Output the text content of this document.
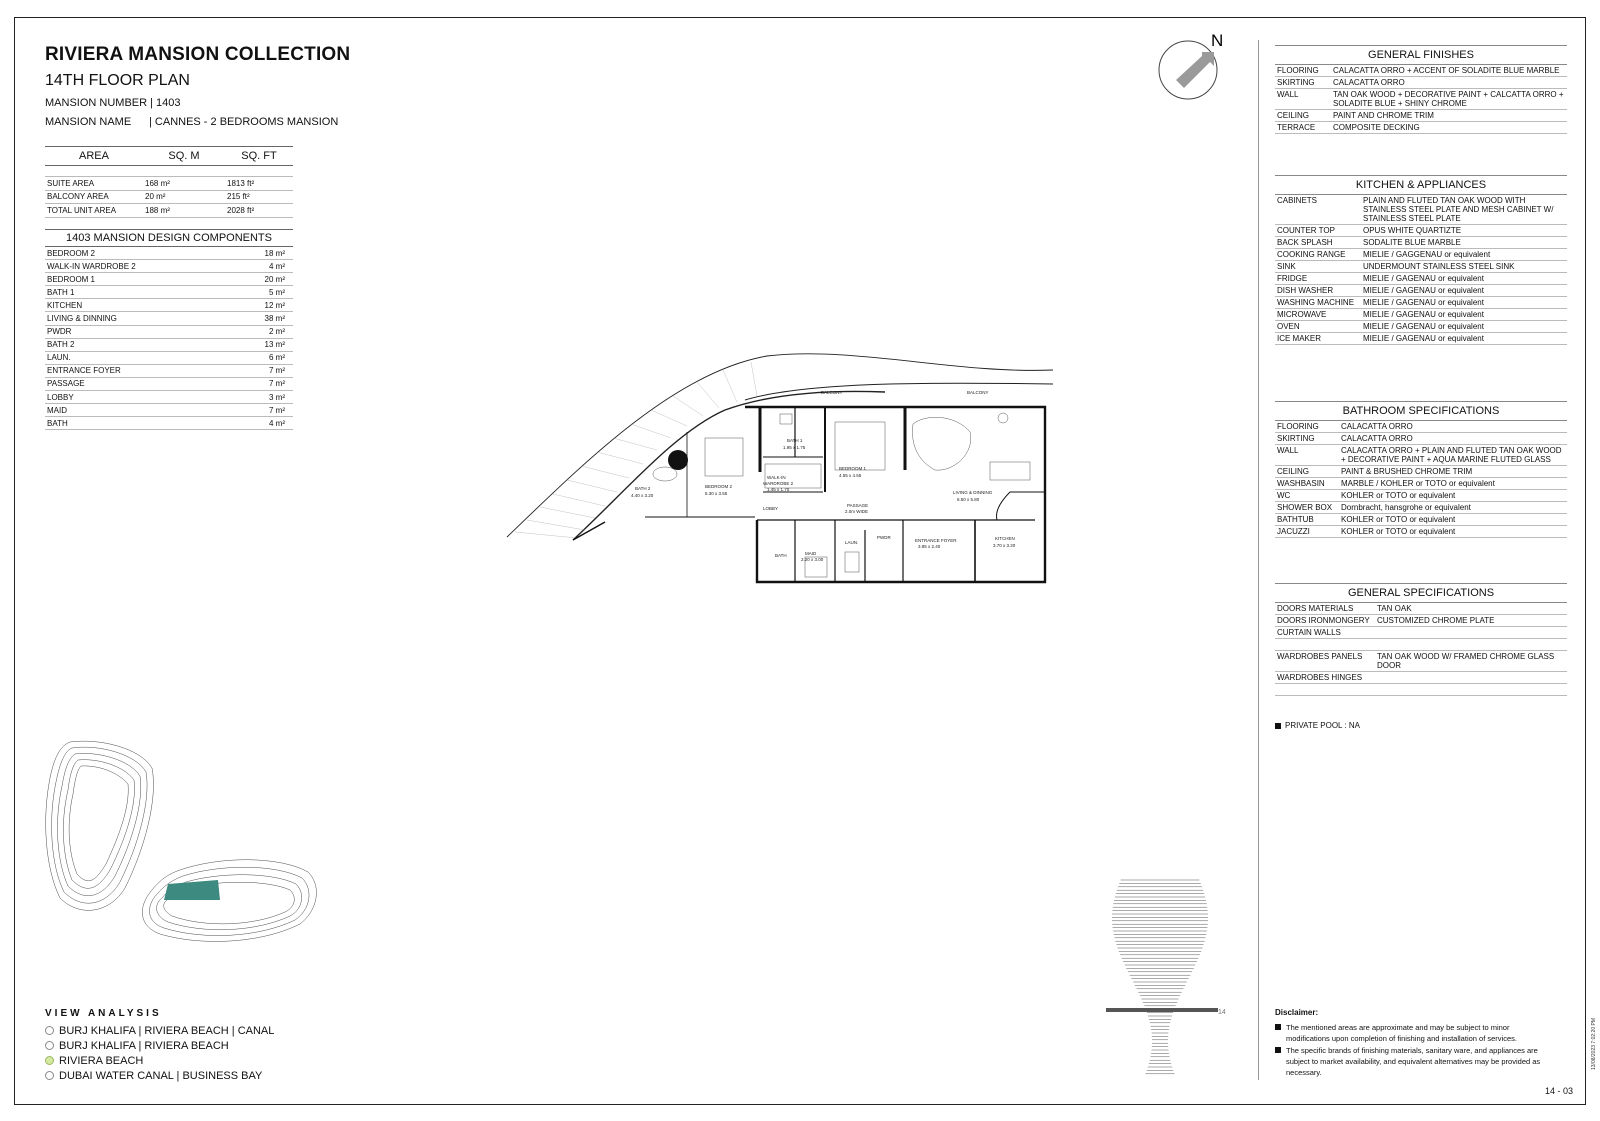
RIVIERA MANSION COLLECTION
14TH FLOOR PLAN
MANSION NUMBER | 1403
MANSION NAME | CANNES - 2 BEDROOMS MANSION
AREA	SQ. M	SQ. FT
SUITE AREA	168 m²	1813 ft²
BALCONY AREA	20 m²	215 ft²
TOTAL UNIT AREA	188 m²	2028 ft²
1403 MANSION DESIGN COMPONENTS
BEDROOM 2	18 m²
WALK-IN WARDROBE 2	4 m²
BEDROOM 1	20 m²
BATH 1	5 m²
KITCHEN	12 m²
LIVING & DINNING	38 m²
PWDR	2 m²
BATH 2	13 m²
LAUN.	6 m²
ENTRANCE FOYER	7 m²
PASSAGE	7 m²
LOBBY	3 m²
MAID	7 m²
BATH	4 m²
N
GENERAL FINISHES
FLOORING	CALACATTA ORRO + ACCENT OF SOLADITE BLUE MARBLE
SKIRTING	CALACATTA ORRO
WALL	TAN OAK WOOD + DECORATIVE PAINT + CALCATTA ORRO + SOLADITE BLUE + SHINY CHROME
CEILING	PAINT AND CHROME TRIM
TERRACE	COMPOSITE DECKING
KITCHEN & APPLIANCES
CABINETS	PLAIN AND FLUTED TAN OAK WOOD WITH STAINLESS STEEL PLATE AND MESH CABINET W/ STAINLESS STEEL PLATE
COUNTER TOP	OPUS WHITE QUARTIZTE
BACK SPLASH	SODALITE BLUE MARBLE
COOKING RANGE	MIELIE / GAGGENAU or equivalent
SINK	UNDERMOUNT STAINLESS STEEL SINK
FRIDGE	MIELIE / GAGENAU or equivalent
DISH WASHER	MIELIE / GAGENAU or equivalent
WASHING MACHINE	MIELIE / GAGENAU or equivalent
MICROWAVE	MIELIE / GAGENAU or equivalent
OVEN	MIELIE / GAGENAU or equivalent
ICE MAKER	MIELIE / GAGENAU or equivalent
BATHROOM SPECIFICATIONS
FLOORING	CALACATTA ORRO
SKIRTING	CALACATTA ORRO
WALL	CALACATTA ORRO + PLAIN AND FLUTED TAN OAK WOOD + DECORATIVE PAINT + AQUA MARINE FLUTED GLASS
CEILING	PAINT & BRUSHED CHROME TRIM
WASHBASIN	MARBLE / KOHLER or TOTO or equivalent
WC	KOHLER or TOTO or equivalent
SHOWER BOX	Dornbracht, hansgrohe or equivalent
BATHTUB	KOHLER or TOTO or equivalent
JACUZZI	KOHLER or TOTO or equivalent
GENERAL SPECIFICATIONS
DOORS MATERIALS	TAN OAK
DOORS IRONMONGERY CUSTOMIZED CHROME PLATE
CURTAIN WALLS
WARDROBES PANELS	TAN OAK WOOD W/ FRAMED CHROME GLASS DOOR
WARDROBES HINGES
PRIVATE POOL : NA
BALCONY	BALCONY
BATH 1
1.95 x 1.75
BEDROOM 1
4.55 x 4.55
BEDROOM 2
5.30 x 3.55
BATH 2
4.40 x 3.20
WALK-IN
WARDROBE 2
1.45 x 1.70
LIVING & DINNING
6.50 x 5.80
KITCHEN
3.70 x 3.20
PASSAGE
2.0m WIDE
LOBBY
LAUN.
PWDR
ENTRANCE FOYER
3.95 x 2.40
MAID
2.20 x 3.00
BATH
14
VIEW ANALYSIS
BURJ KHALIFA | RIVIERA BEACH | CANAL
BURJ KHALIFA | RIVIERA BEACH
RIVIERA BEACH
DUBAI WATER CANAL | BUSINESS BAY
Disclaimer:
The mentioned areas are approximate and may be subject to minor modifications upon completion of finishing and installation of services.
The specific brands of finishing materials, sanitary ware, and appliances are subject to market availability, and equivalent alternatives may be provided as necessary.
14 - 03
13/08/2023 7:02:20 PM
